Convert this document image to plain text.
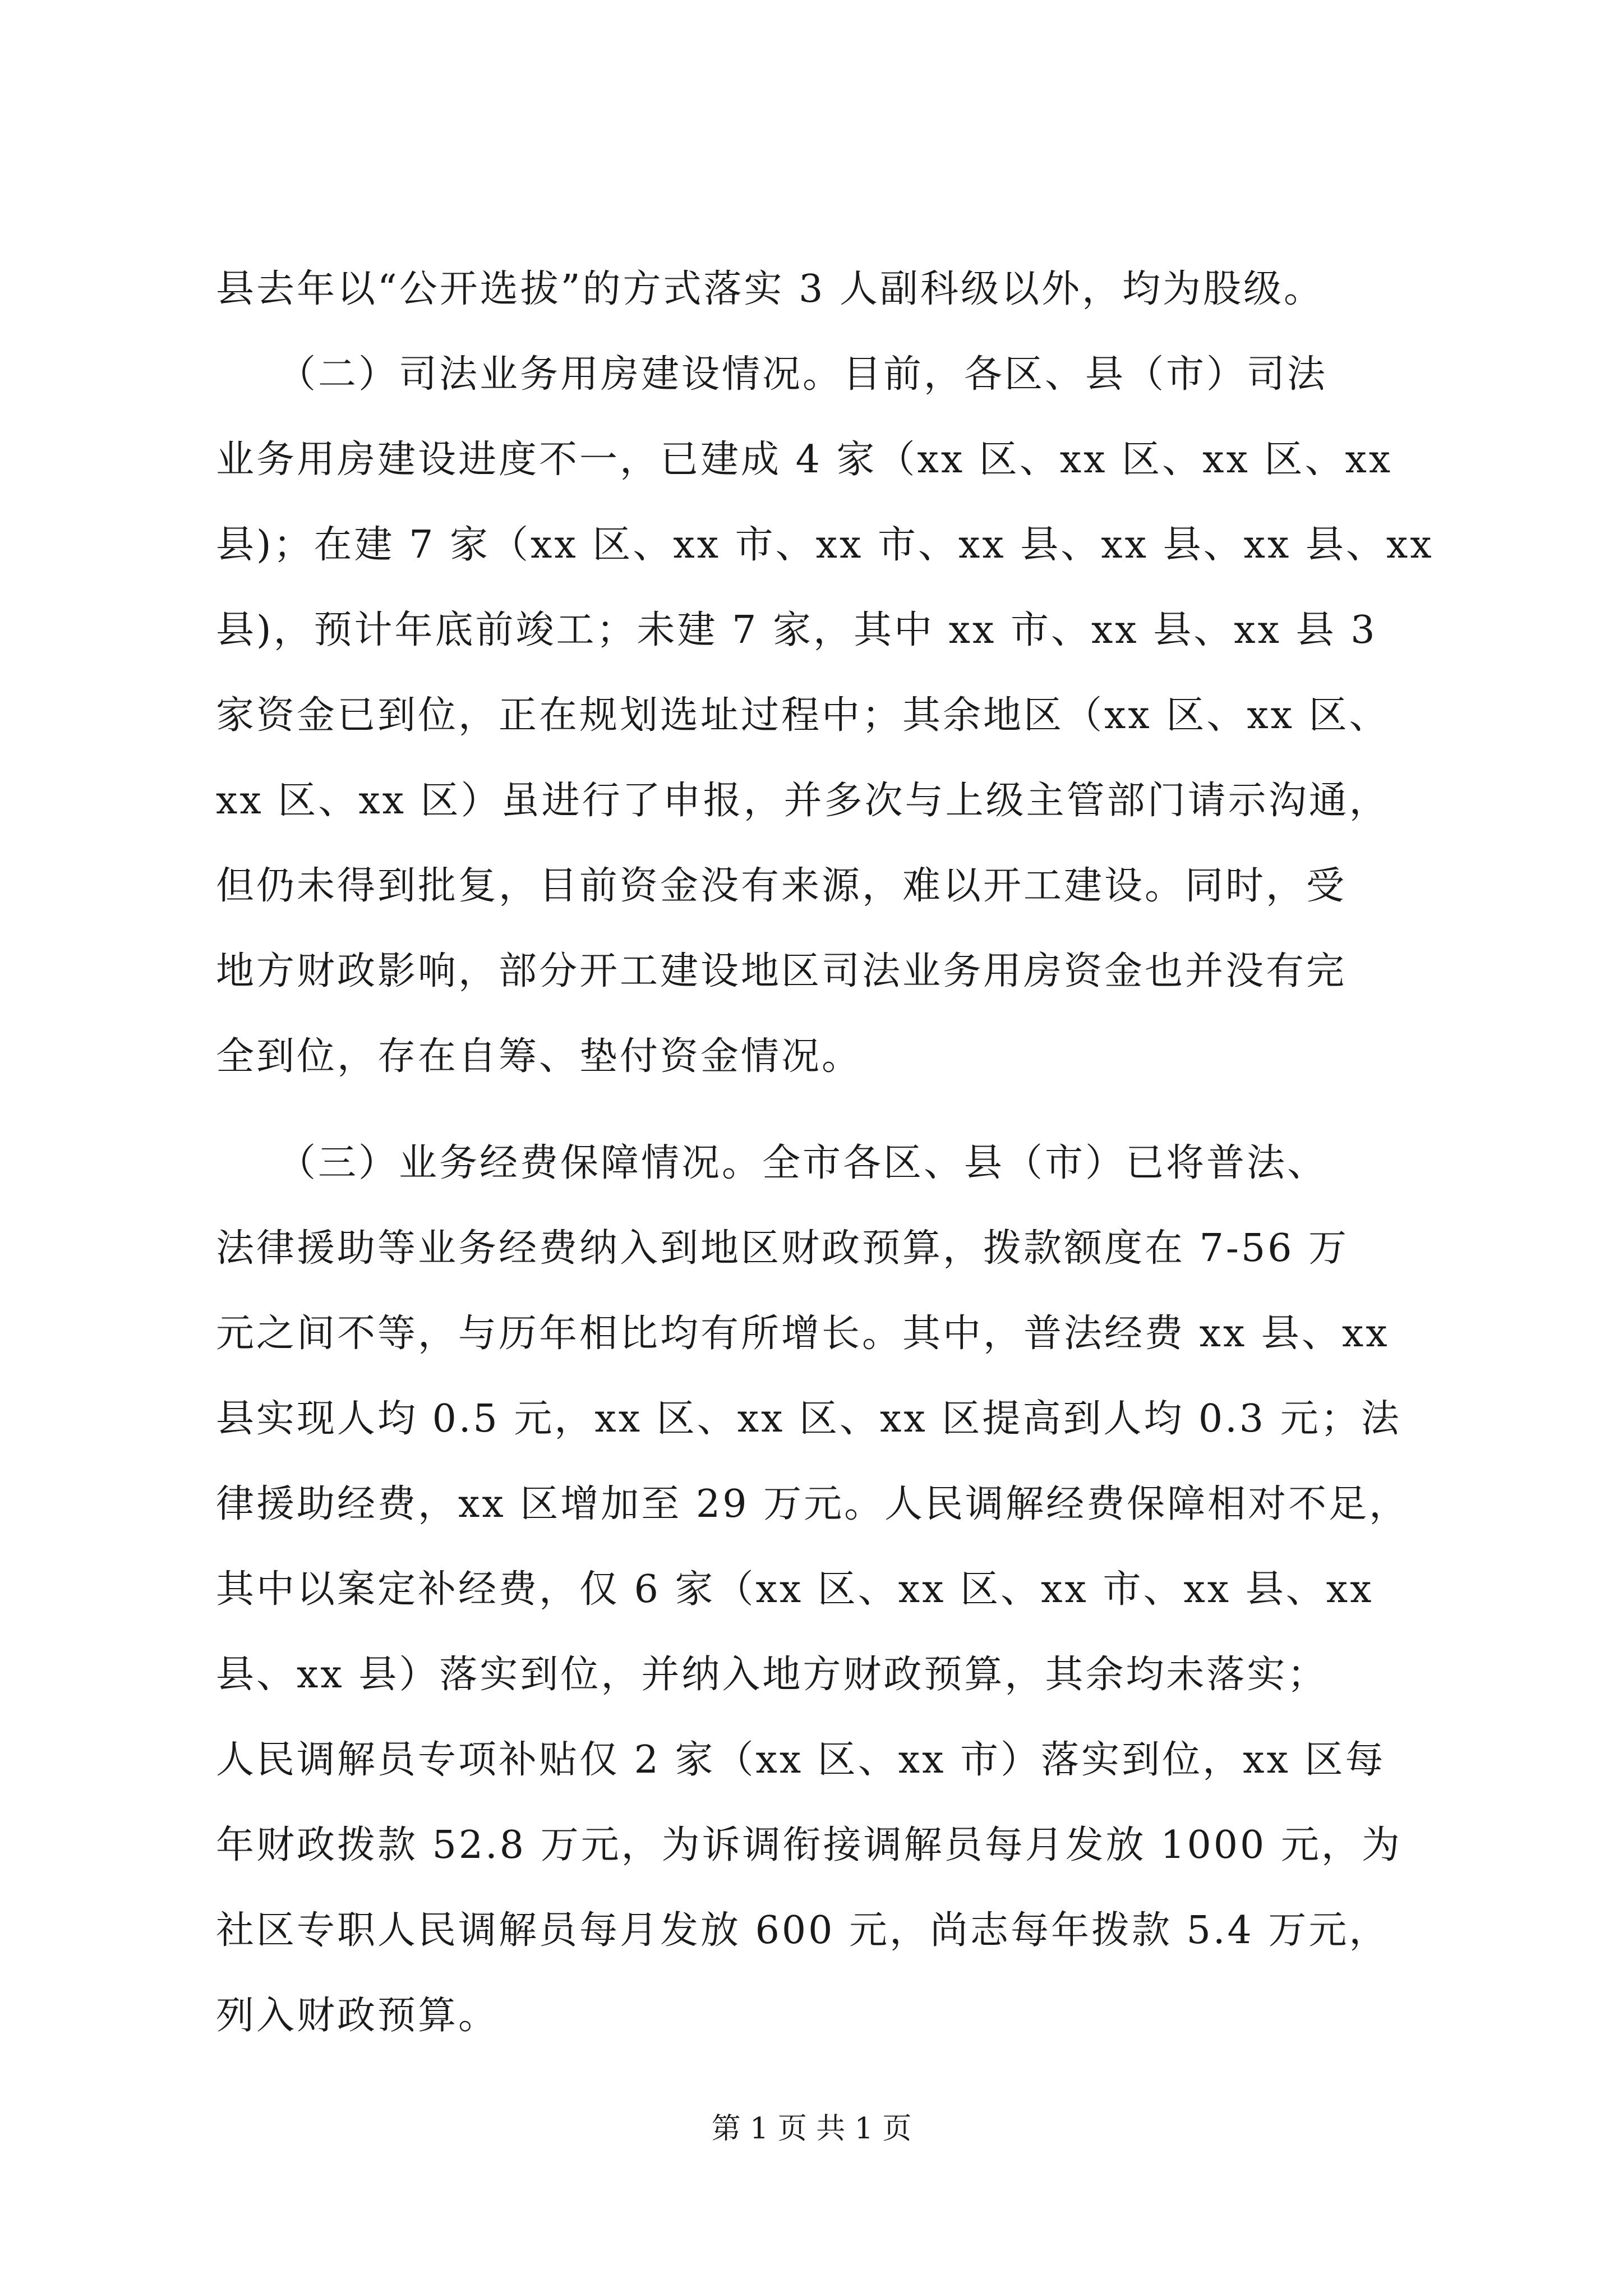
县去年以“公开选拔”的方式落实 3 人副科级以外，均为股级。
　　（二）司法业务用房建设情况。目前，各区、县（市）司法
业务用房建设进度不一，已建成 4 家（xx 区、xx 区、xx 区、xx
县)；在建 7 家（xx 区、xx 市、xx 市、xx 县、xx 县、xx 县、xx
县)，预计年底前竣工；未建 7 家，其中 xx 市、xx 县、xx 县 3
家资金已到位，正在规划选址过程中；其余地区（xx 区、xx 区、
xx 区、xx 区）虽进行了申报，并多次与上级主管部门请示沟通，
但仍未得到批复，目前资金没有来源，难以开工建设。同时，受
地方财政影响，部分开工建设地区司法业务用房资金也并没有完
全到位，存在自筹、垫付资金情况。
　　（三）业务经费保障情况。全市各区、县（市）已将普法、
法律援助等业务经费纳入到地区财政预算，拨款额度在 7-56 万
元之间不等，与历年相比均有所增长。其中，普法经费 xx 县、xx
县实现人均 0.5 元，xx 区、xx 区、xx 区提高到人均 0.3 元；法
律援助经费，xx 区增加至 29 万元。人民调解经费保障相对不足，
其中以案定补经费，仅 6 家（xx 区、xx 区、xx 市、xx 县、xx
县、xx 县）落实到位，并纳入地方财政预算，其余均未落实；
人民调解员专项补贴仅 2 家（xx 区、xx 市）落实到位，xx 区每
年财政拨款 52.8 万元，为诉调衔接调解员每月发放 1000 元，为
社区专职人民调解员每月发放 600 元，尚志每年拨款 5.4 万元，
列入财政预算。
第 1 页 共 1 页
